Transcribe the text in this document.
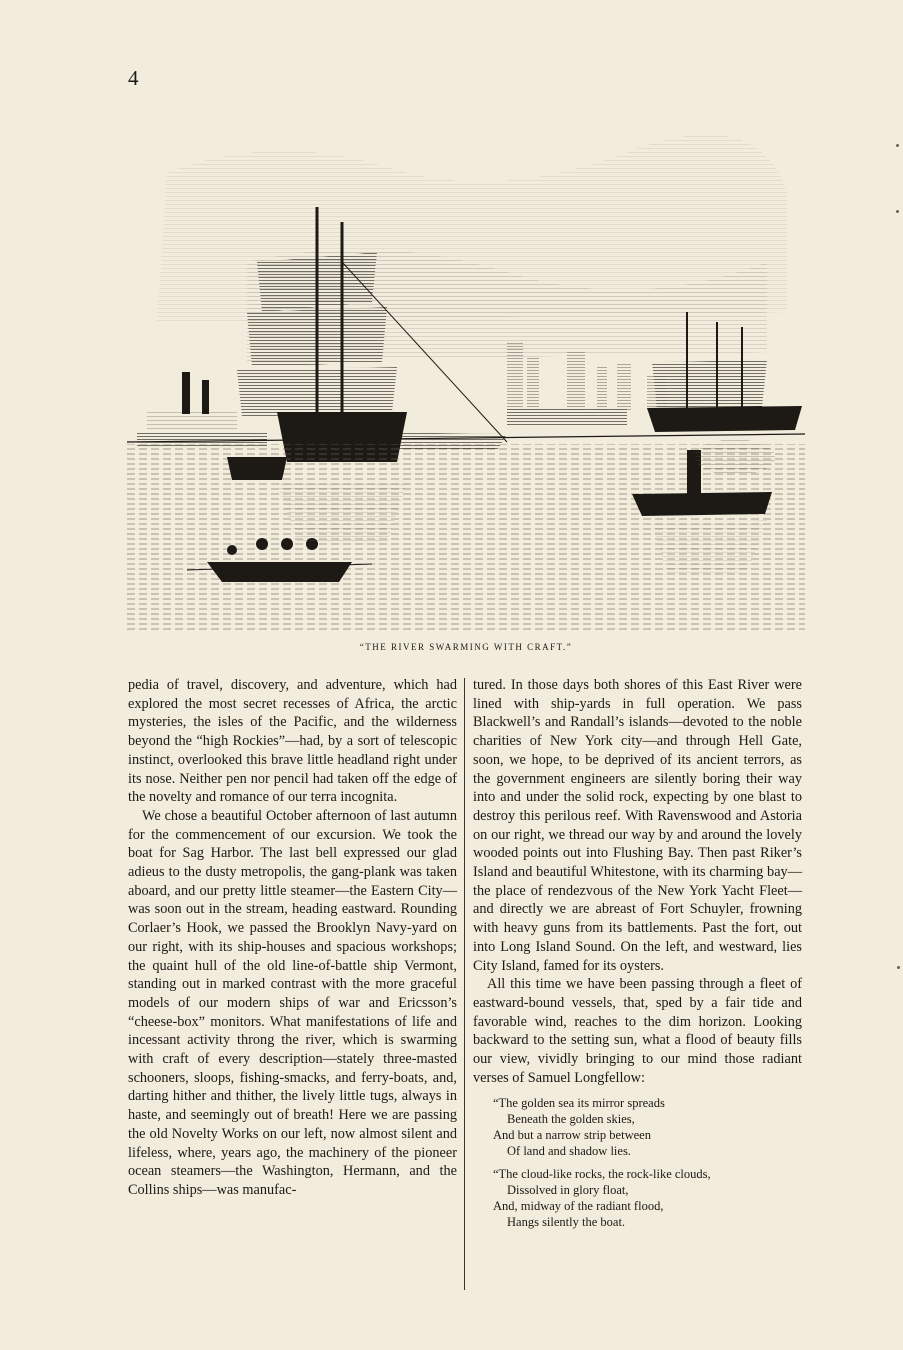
4
“THE RIVER SWARMING WITH CRAFT.”

pedia of travel, discovery, and adventure, which had explored the most secret recesses of Africa, the arctic mysteries, the isles of the Pacific, and the wilderness beyond the “high Rockies”—had, by a sort of telescopic instinct, overlooked this brave little headland right under its nose. Neither pen nor pencil had taken off the edge of the novelty and romance of our terra incognita.

We chose a beautiful October afternoon of last autumn for the commencement of our excursion. We took the boat for Sag Harbor. The last bell expressed our glad adieus to the dusty metropolis, the gang-plank was taken aboard, and our pretty little steamer—the Eastern City—was soon out in the stream, heading eastward. Rounding Corlaer’s Hook, we passed the Brooklyn Navy-yard on our right, with its ship-houses and spacious workshops; the quaint hull of the old line-of-battle ship Vermont, standing out in marked contrast with the more graceful models of our modern ships of war and Ericsson’s “cheese-box” monitors. What manifestations of life and incessant activity throng the river, which is swarming with craft of every description—stately three-masted schooners, sloops, fishing-smacks, and ferry-boats, and, darting hither and thither, the lively little tugs, always in haste, and seemingly out of breath! Here we are passing the old Novelty Works on our left, now almost silent and lifeless, where, years ago, the machinery of the pioneer ocean steamers—the Washington, Hermann, and the Collins ships—was manufac-

tured. In those days both shores of this East River were lined with ship-yards in full operation. We pass Blackwell’s and Randall’s islands—devoted to the noble charities of New York city—and through Hell Gate, soon, we hope, to be deprived of its ancient terrors, as the government engineers are silently boring their way into and under the solid rock, expecting by one blast to destroy this perilous reef. With Ravenswood and Astoria on our right, we thread our way by and around the lovely wooded points out into Flushing Bay. Then past Riker’s Island and beautiful Whitestone, with its charming bay—the place of rendezvous of the New York Yacht Fleet—and directly we are abreast of Fort Schuyler, frowning with heavy guns from its battlements. Past the fort, out into Long Island Sound. On the left, and westward, lies City Island, famed for its oysters.

All this time we have been passing through a fleet of eastward-bound vessels, that, sped by a fair tide and favorable wind, reaches to the dim horizon. Looking backward to the setting sun, what a flood of beauty fills our view, vividly bringing to our mind those radiant verses of Samuel Longfellow:

“The golden sea its mirror spreads
Beneath the golden skies,
And but a narrow strip between
Of land and shadow lies.
“The cloud-like rocks, the rock-like clouds,
Dissolved in glory float,
And, midway of the radiant flood,
Hangs silently the boat.
